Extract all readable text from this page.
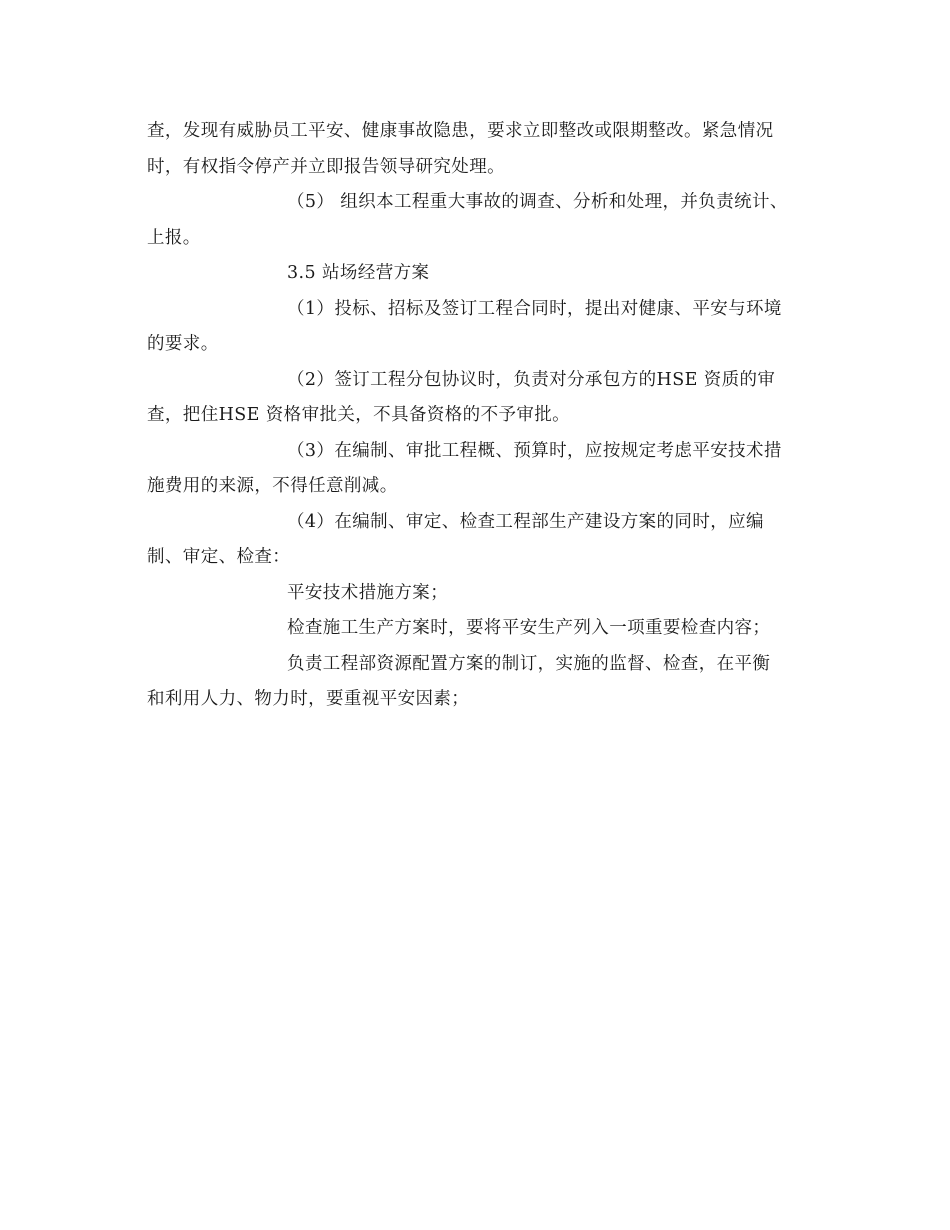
查，发现有威胁员工平安、健康事故隐患，要求立即整改或限期整改。紧急情况
时，有权指令停产并立即报告领导研究处理。

（5） 组织本工程重大事故的调查、分析和处理，并负责统计、
上报。

3.5 站场经营方案

（1）投标、招标及签订工程合同时，提出对健康、平安与环境
的要求。

（2）签订工程分包协议时，负责对分承包方的HSE 资质的审
查，把住HSE 资格审批关，不具备资格的不予审批。

（3）在编制、审批工程概、预算时，应按规定考虑平安技术措
施费用的来源，不得任意削减。

（4）在编制、审定、检查工程部生产建设方案的同时，应编
制、审定、检查：

平安技术措施方案；

检查施工生产方案时，要将平安生产列入一项重要检查内容；

负责工程部资源配置方案的制订，实施的监督、检查，在平衡
和利用人力、物力时，要重视平安因素；
